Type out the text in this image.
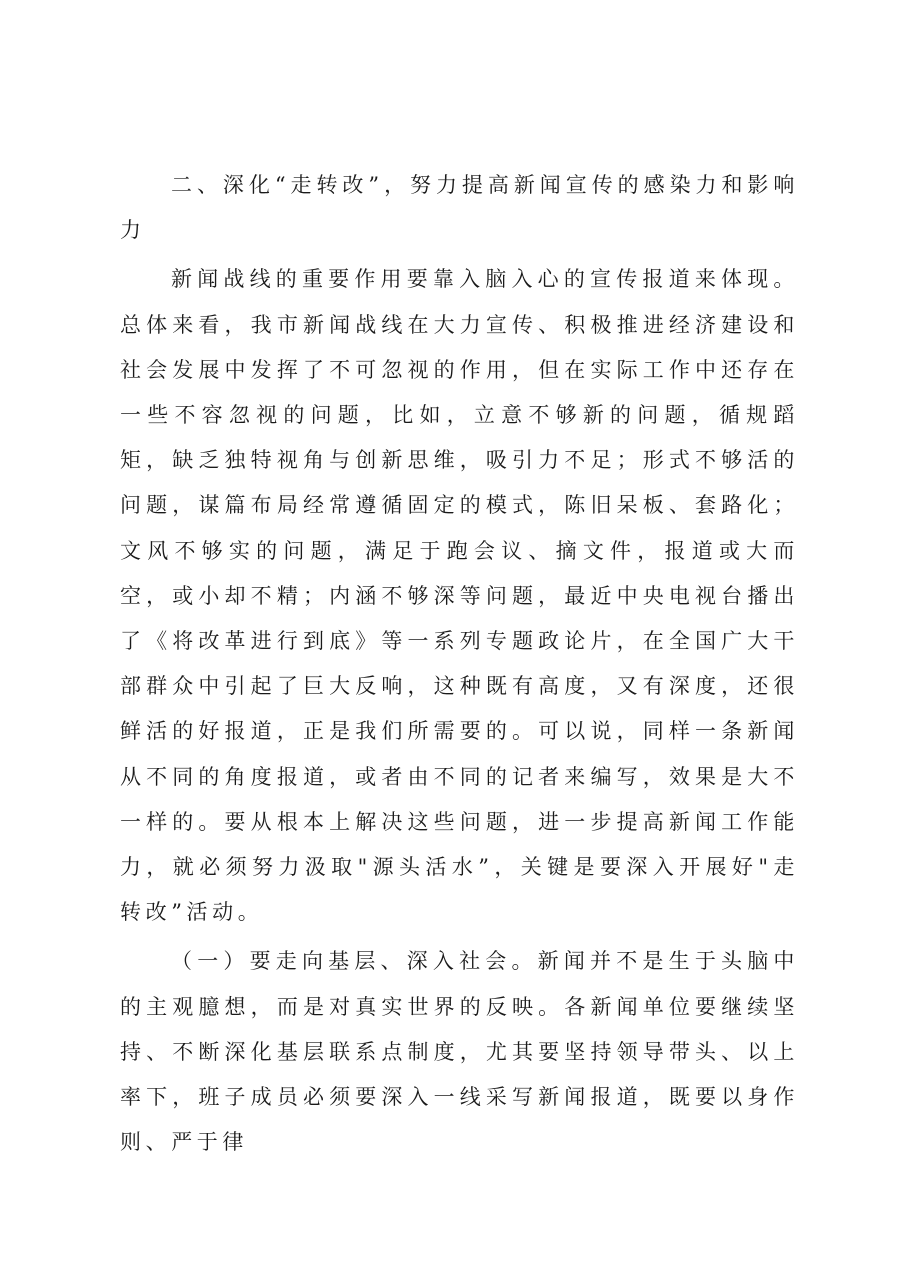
二、深化“走转改”，努力提高新闻宣传的感染力和影响力

新闻战线的重要作用要靠入脑入心的宣传报道来体现。总体来看，我市新闻战线在大力宣传、积极推进经济建设和社会发展中发挥了不可忽视的作用，但在实际工作中还存在一些不容忽视的问题，比如，立意不够新的问题，循规蹈矩，缺乏独特视角与创新思维，吸引力不足；形式不够活的问题，谋篇布局经常遵循固定的模式，陈旧呆板、套路化；文风不够实的问题，满足于跑会议、摘文件，报道或大而空，或小却不精；内涵不够深等问题，最近中央电视台播出了《将改革进行到底》等一系列专题政论片，在全国广大干部群众中引起了巨大反响，这种既有高度，又有深度，还很鲜活的好报道，正是我们所需要的。可以说，同样一条新闻从不同的角度报道，或者由不同的记者来编写，效果是大不一样的。要从根本上解决这些问题，进一步提高新闻工作能力，就必须努力汲取"源头活水”，关键是要深入开展好"走转改”活动。

（一）要走向基层、深入社会。新闻并不是生于头脑中的主观臆想，而是对真实世界的反映。各新闻单位要继续坚持、不断深化基层联系点制度，尤其要坚持领导带头、以上率下，班子成员必须要深入一线采写新闻报道，既要以身作则、严于律
